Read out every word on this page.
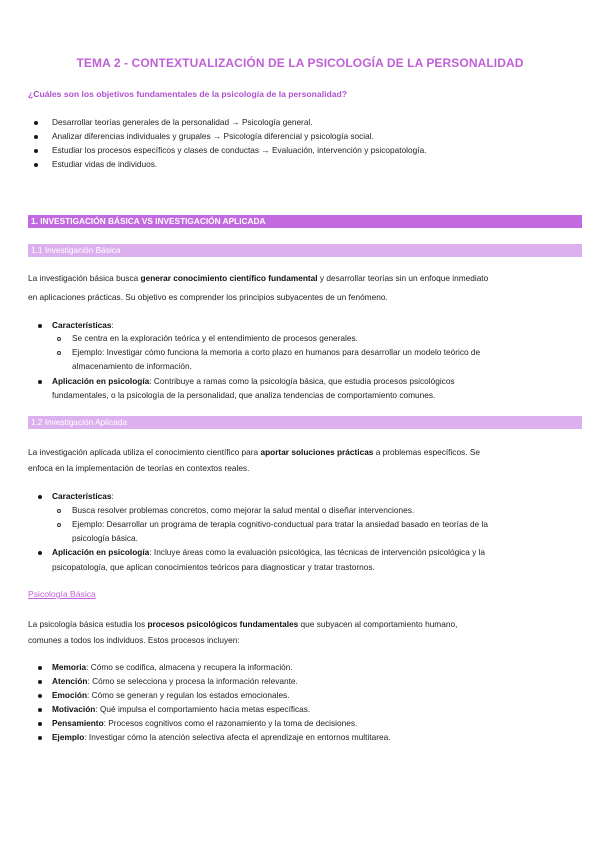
TEMA 2 - CONTEXTUALIZACIÓN DE LA PSICOLOGÍA DE LA PERSONALIDAD
¿Cuáles son los objetivos fundamentales de la psicología de la personalidad?
Desarrollar teorías generales de la personalidad → Psicología general.
Analizar diferencias individuales y grupales → Psicología diferencial y psicología social.
Estudiar los procesos específicos y clases de conductas → Evaluación, intervención y psicopatología.
Estudiar vidas de individuos.
1. INVESTIGACIÓN BÁSICA VS INVESTIGACIÓN APLICADA
1.1 Investigación Básica
La investigación básica busca generar conocimiento científico fundamental y desarrollar teorías sin un enfoque inmediato
en aplicaciones prácticas. Su objetivo es comprender los principios subyacentes de un fenómeno.
Características:
Se centra en la exploración teórica y el entendimiento de procesos generales.
Ejemplo: Investigar cómo funciona la memoria a corto plazo en humanos para desarrollar un modelo teórico de
almacenamiento de información.
Aplicación en psicología: Contribuye a ramas como la psicología básica, que estudia procesos psicológicos
fundamentales, o la psicología de la personalidad, que analiza tendencias de comportamiento comunes.
1.2 Investigación Aplicada
La investigación aplicada utiliza el conocimiento científico para aportar soluciones prácticas a problemas específicos. Se
enfoca en la implementación de teorías en contextos reales.
Características:
Busca resolver problemas concretos, como mejorar la salud mental o diseñar intervenciones.
Ejemplo: Desarrollar un programa de terapia cognitivo-conductual para tratar la ansiedad basado en teorías de la
psicología básica.
Aplicación en psicología: Incluye áreas como la evaluación psicológica, las técnicas de intervención psicológica y la
psicopatología, que aplican conocimientos teóricos para diagnosticar y tratar trastornos.
Psicología Básica
La psicología básica estudia los procesos psicológicos fundamentales que subyacen al comportamiento humano,
comunes a todos los individuos. Estos procesos incluyen:
Memoria: Cómo se codifica, almacena y recupera la información.
Atención: Cómo se selecciona y procesa la información relevante.
Emoción: Cómo se generan y regulan los estados emocionales.
Motivación: Qué impulsa el comportamiento hacia metas específicas.
Pensamiento: Procesos cognitivos como el razonamiento y la toma de decisiones.
Ejemplo: Investigar cómo la atención selectiva afecta el aprendizaje en entornos multitarea.
